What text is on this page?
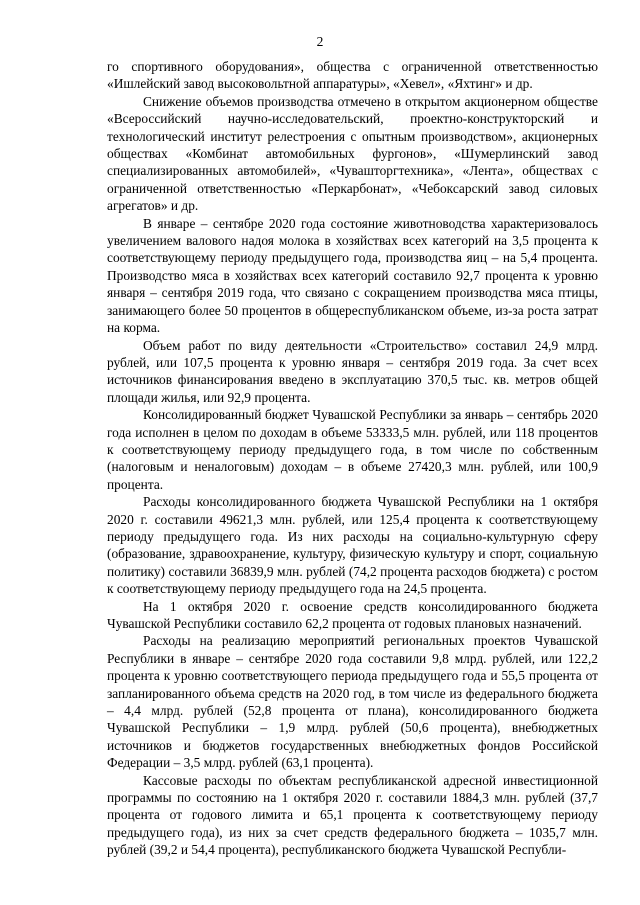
2

го спортивного оборудования», общества с ограниченной ответственностью «Ишлейский завод высоковольтной аппаратуры», «Хевел», «Яхтинг» и др.

Снижение объемов производства отмечено в открытом акционерном обществе «Всероссийский научно-исследовательский, проектно-конструкторский и технологический институт релестроения с опытным производством», акционерных обществах «Комбинат автомобильных фургонов», «Шумерлинский завод специализированных автомобилей», «Чувашторгтехника», «Лента», обществах с ограниченной ответственностью «Перкарбонат», «Чебоксарский завод силовых агрегатов» и др.

В январе – сентябре 2020 года состояние животноводства характеризовалось увеличением валового надоя молока в хозяйствах всех категорий на 3,5 процента к соответствующему периоду предыдущего года, производства яиц – на 5,4 процента. Производство мяса в хозяйствах всех категорий составило 92,7 процента к уровню января – сентября 2019 года, что связано с сокращением производства мяса птицы, занимающего более 50 процентов в общереспубликанском объеме, из-за роста затрат на корма.

Объем работ по виду деятельности «Строительство» составил 24,9 млрд. рублей, или 107,5 процента к уровню января – сентября 2019 года. За счет всех источников финансирования введено в эксплуатацию 370,5 тыс. кв. метров общей площади жилья, или 92,9 процента.

Консолидированный бюджет Чувашской Республики за январь – сентябрь 2020 года исполнен в целом по доходам в объеме 53333,5 млн. рублей, или 118 процентов к соответствующему периоду предыдущего года, в том числе по собственным (налоговым и неналоговым) доходам – в объеме 27420,3 млн. рублей, или 100,9 процента.

Расходы консолидированного бюджета Чувашской Республики на 1 октября 2020 г. составили 49621,3 млн. рублей, или 125,4 процента к соответствующему периоду предыдущего года. Из них расходы на социально-культурную сферу (образование, здравоохранение, культуру, физическую культуру и спорт, социальную политику) составили 36839,9 млн. рублей (74,2 процента расходов бюджета) с ростом к соответствующему периоду предыдущего года на 24,5 процента.

На 1 октября 2020 г. освоение средств консолидированного бюджета Чувашской Республики составило 62,2 процента от годовых плановых назначений.

Расходы на реализацию мероприятий региональных проектов Чувашской Республики в январе – сентябре 2020 года составили 9,8 млрд. рублей, или 122,2 процента к уровню соответствующего периода предыдущего года и 55,5 процента от запланированного объема средств на 2020 год, в том числе из федерального бюджета – 4,4 млрд. рублей (52,8 процента от плана), консолидированного бюджета Чувашской Республики – 1,9 млрд. рублей (50,6 процента), внебюджетных источников и бюджетов государственных внебюджетных фондов Российской Федерации – 3,5 млрд. рублей (63,1 процента).

Кассовые расходы по объектам республиканской адресной инвестиционной программы по состоянию на 1 октября 2020 г. составили 1884,3 млн. рублей (37,7 процента от годового лимита и 65,1 процента к соответствующему периоду предыдущего года), из них за счет средств федерального бюджета – 1035,7 млн. рублей (39,2 и 54,4 процента), республиканского бюджета Чувашской Республи-
